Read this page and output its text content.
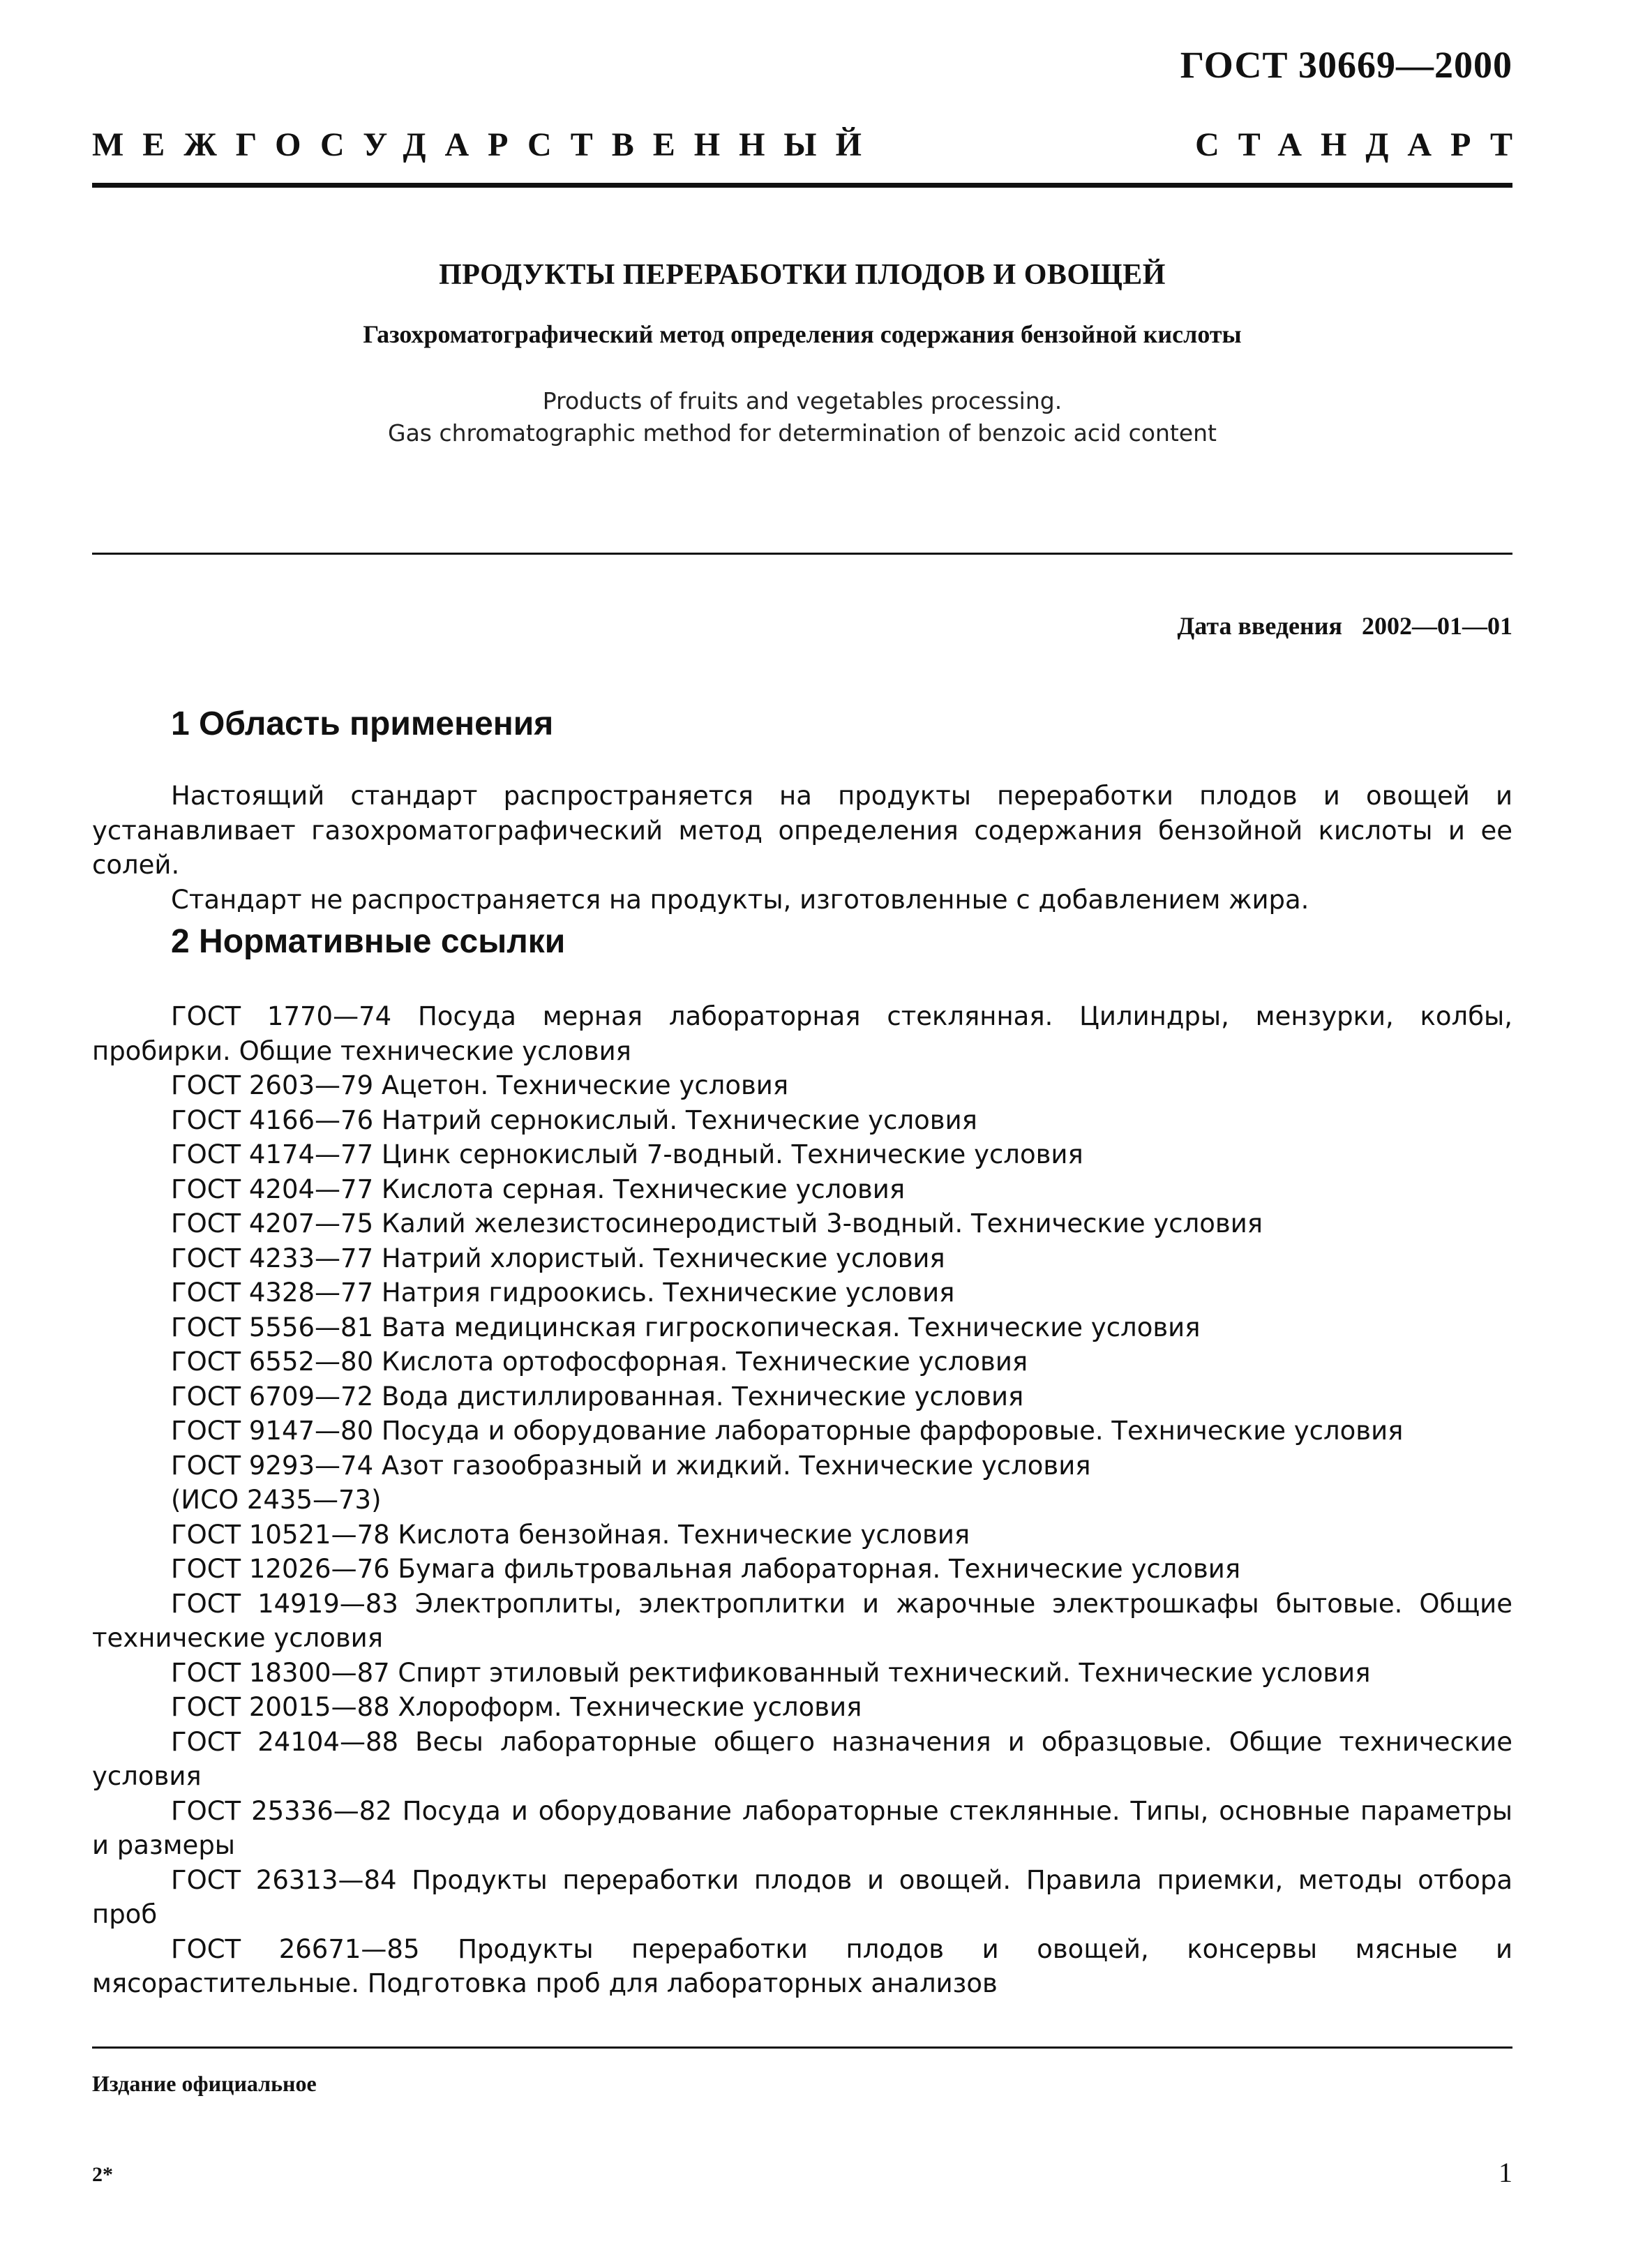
ГОСТ 30669—2000
МЕЖГОСУДАРСТВЕННЫЙ	СТАНДАРТ
ПРОДУКТЫ ПЕРЕРАБОТКИ ПЛОДОВ И ОВОЩЕЙ
Газохроматографический метод определения содержания бензойной кислоты
Products of fruits and vegetables processing.
Gas chromatographic method for determination of benzoic acid content
Дата введения 2002—01—01
1 Область применения

Настоящий стандарт распространяется на продукты переработки плодов и овощей и устанавливает газохроматографический метод определения содержания бензойной кислоты и ее солей.

Стандарт не распространяется на продукты, изготовленные с добавлением жира.

2 Нормативные ссылки

ГОСТ 1770—74 Посуда мерная лабораторная стеклянная. Цилиндры, мензурки, колбы, пробирки. Общие технические условия

ГОСТ 2603—79 Ацетон. Технические условия

ГОСТ 4166—76 Натрий сернокислый. Технические условия

ГОСТ 4174—77 Цинк сернокислый 7-водный. Технические условия

ГОСТ 4204—77 Кислота серная. Технические условия

ГОСТ 4207—75 Калий железистосинеродистый 3-водный. Технические условия

ГОСТ 4233—77 Натрий хлористый. Технические условия

ГОСТ 4328—77 Натрия гидроокись. Технические условия

ГОСТ 5556—81 Вата медицинская гигроскопическая. Технические условия

ГОСТ 6552—80 Кислота ортофосфорная. Технические условия

ГОСТ 6709—72 Вода дистиллированная. Технические условия

ГОСТ 9147—80 Посуда и оборудование лабораторные фарфоровые. Технические условия

ГОСТ 9293—74 Азот газообразный и жидкий. Технические условия

(ИСО 2435—73)

ГОСТ 10521—78 Кислота бензойная. Технические условия

ГОСТ 12026—76 Бумага фильтровальная лабораторная. Технические условия

ГОСТ 14919—83 Электроплиты, электроплитки и жарочные электрошкафы бытовые. Общие технические условия

ГОСТ 18300—87 Спирт этиловый ректификованный технический. Технические условия

ГОСТ 20015—88 Хлороформ. Технические условия

ГОСТ 24104—88 Весы лабораторные общего назначения и образцовые. Общие технические условия

ГОСТ 25336—82 Посуда и оборудование лабораторные стеклянные. Типы, основные параметры и размеры

ГОСТ 26313—84 Продукты переработки плодов и овощей. Правила приемки, методы отбора проб

ГОСТ 26671—85 Продукты переработки плодов и овощей, консервы мясные и мясорастительные. Подготовка проб для лабораторных анализов

Издание официальное
2*	1
